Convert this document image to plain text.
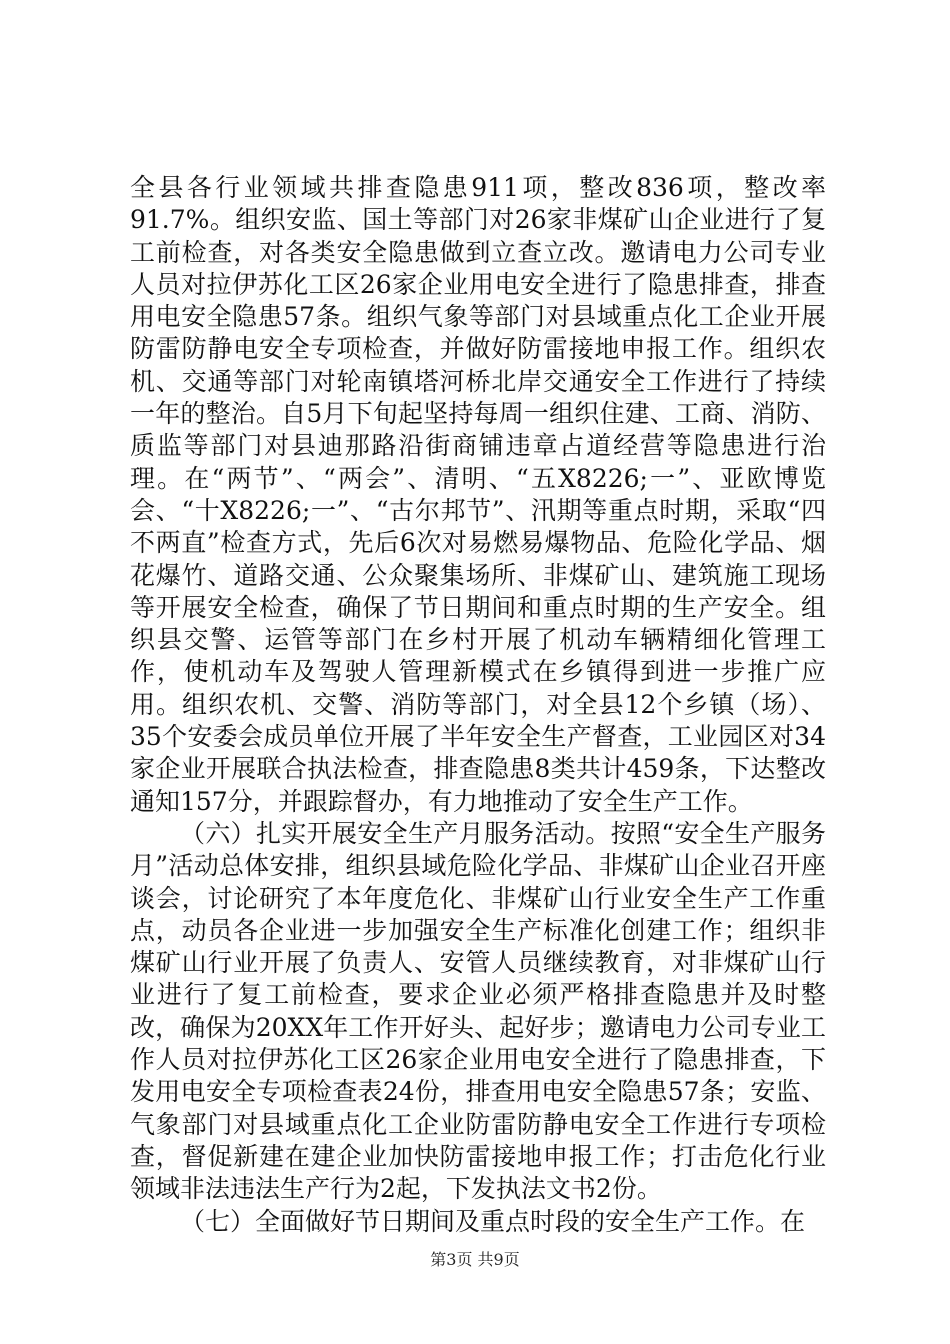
全县各行业领域共排查隐患911项，整改836项，整改率91.7%。组织安监、国土等部门对26家非煤矿山企业进行了复工前检查，对各类安全隐患做到立查立改。邀请电力公司专业人员对拉伊苏化工区26家企业用电安全进行了隐患排查，排查用电安全隐患57条。组织气象等部门对县域重点化工企业开展防雷防静电安全专项检查，并做好防雷接地申报工作。组织农机、交通等部门对轮南镇塔河桥北岸交通安全工作进行了持续一年的整治。自5月下旬起坚持每周一组织住建、工商、消防、质监等部门对县迪那路沿街商铺违章占道经营等隐患进行治理。在“两节”、“两会”、清明、“五X8226;一”、亚欧博览会、“十X8226;一”、“古尔邦节”、汛期等重点时期，采取“四不两直”检查方式，先后6次对易燃易爆物品、危险化学品、烟花爆竹、道路交通、公众聚集场所、非煤矿山、建筑施工现场等开展安全检查，确保了节日期间和重点时期的生产安全。组织县交警、运管等部门在乡村开展了机动车辆精细化管理工作，使机动车及驾驶人管理新模式在乡镇得到进一步推广应用。组织农机、交警、消防等部门，对全县12个乡镇（场）、35个安委会成员单位开展了半年安全生产督查，工业园区对34家企业开展联合执法检查，排查隐患8类共计459条，下达整改通知157分，并跟踪督办，有力地推动了安全生产工作。

（六）扎实开展安全生产月服务活动。按照“安全生产服务月”活动总体安排，组织县域危险化学品、非煤矿山企业召开座谈会，讨论研究了本年度危化、非煤矿山行业安全生产工作重点，动员各企业进一步加强安全生产标准化创建工作；组织非煤矿山行业开展了负责人、安管人员继续教育，对非煤矿山行业进行了复工前检查，要求企业必须严格排查隐患并及时整改，确保为20XX年工作开好头、起好步；邀请电力公司专业工作人员对拉伊苏化工区26家企业用电安全进行了隐患排查，下发用电安全专项检查表24份，排查用电安全隐患57条；安监、气象部门对县域重点化工企业防雷防静电安全工作进行专项检查，督促新建在建企业加快防雷接地申报工作；打击危化行业领域非法违法生产行为2起，下发执法文书2份。

（七）全面做好节日期间及重点时段的安全生产工作。在

第3页 共9页
